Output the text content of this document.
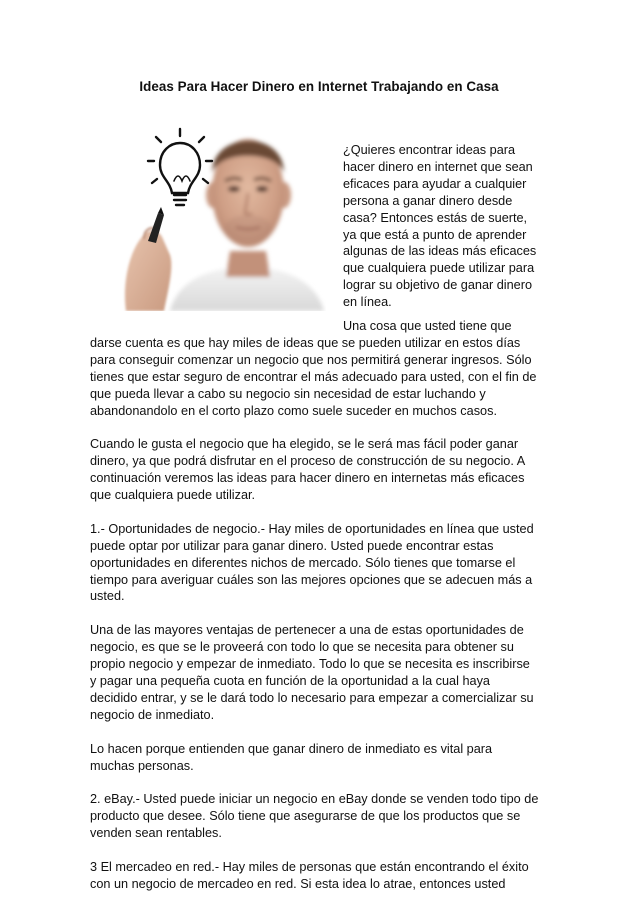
Ideas Para Hacer Dinero en Internet Trabajando en Casa
¿Quieres encontrar ideas para
hacer dinero en internet que sean
eficaces para ayudar a cualquier
persona a ganar dinero desde
casa? Entonces estás de suerte,
ya que está a punto de aprender
algunas de las ideas más eficaces
que cualquiera puede utilizar para
lograr su objetivo de ganar dinero
en línea.
Una cosa que usted tiene que
darse cuenta es que hay miles de ideas que se pueden utilizar en estos días
para conseguir comenzar un negocio que nos permitirá generar ingresos. Sólo
tienes que estar seguro de encontrar el más adecuado para usted, con el fin de
que pueda llevar a cabo su negocio sin necesidad de estar luchando y
abandonandolo en el corto plazo como suele suceder en muchos casos.
Cuando le gusta el negocio que ha elegido, se le será mas fácil poder ganar
dinero, ya que podrá disfrutar en el proceso de construcción de su negocio. A
continuación veremos las ideas para hacer dinero en internetas más eficaces
que cualquiera puede utilizar.
1.- Oportunidades de negocio.- Hay miles de oportunidades en línea que usted
puede optar por utilizar para ganar dinero. Usted puede encontrar estas
oportunidades en diferentes nichos de mercado. Sólo tienes que tomarse el
tiempo para averiguar cuáles son las mejores opciones que se adecuen más a
usted.
Una de las mayores ventajas de pertenecer a una de estas oportunidades de
negocio, es que se le proveerá con todo lo que se necesita para obtener su
propio negocio y empezar de inmediato. Todo lo que se necesita es inscribirse
y pagar una pequeña cuota en función de la oportunidad a la cual haya
decidido entrar, y se le dará todo lo necesario para empezar a comercializar su
negocio de inmediato.
Lo hacen porque entienden que ganar dinero de inmediato es vital para
muchas personas.
2. eBay.- Usted puede iniciar un negocio en eBay donde se venden todo tipo de
producto que desee. Sólo tiene que asegurarse de que los productos que se
venden sean rentables.
3 El mercadeo en red.- Hay miles de personas que están encontrando el éxito
con un negocio de mercadeo en red. Si esta idea lo atrae, entonces usted
